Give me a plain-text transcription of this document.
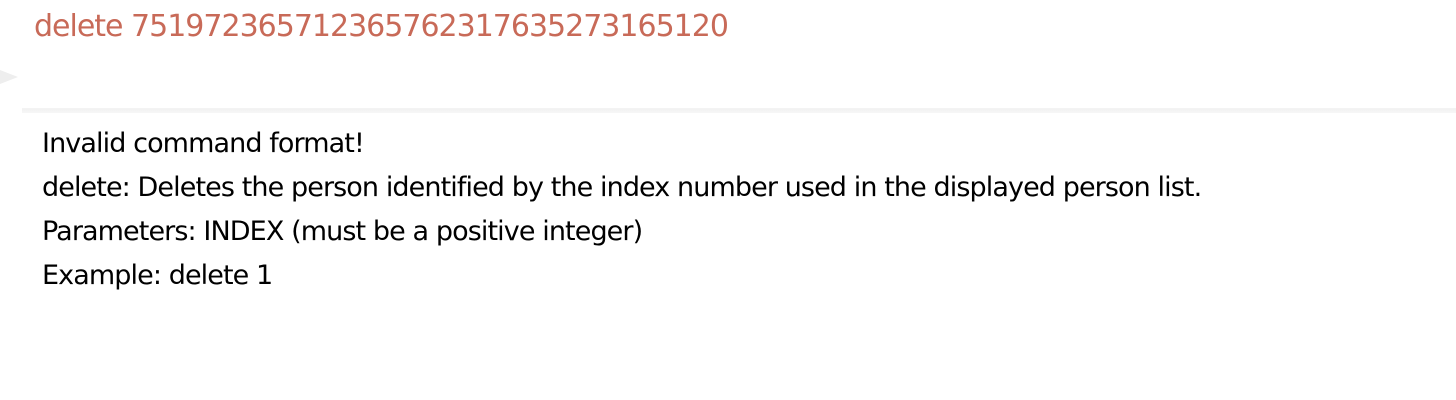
delete 751972365712365762317635273165120
Invalid command format!
delete: Deletes the person identified by the index number used in the displayed person list.
Parameters: INDEX (must be a positive integer)
Example: delete 1
